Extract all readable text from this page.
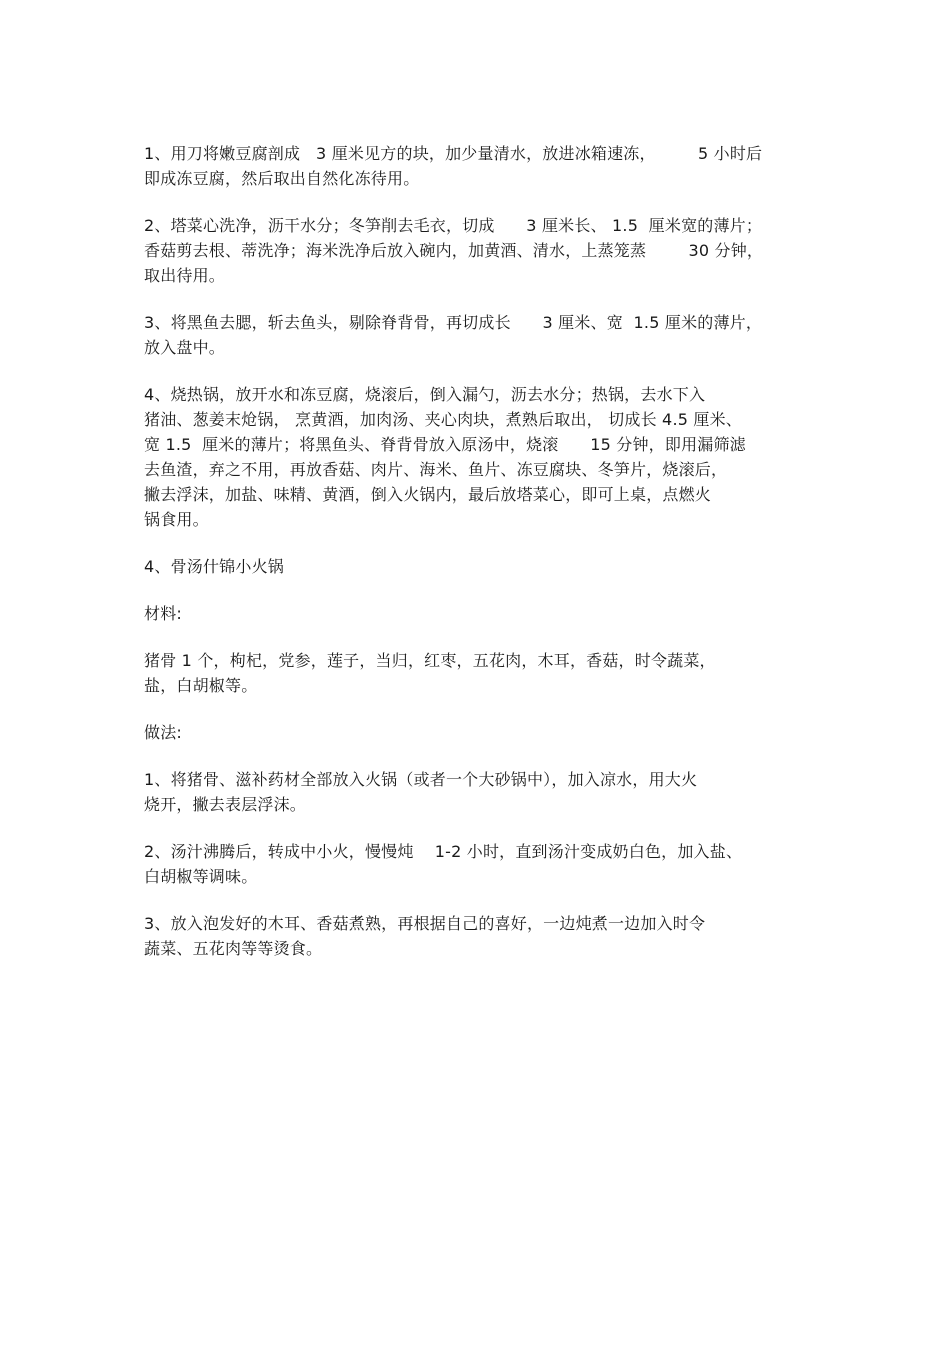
1、用刀将嫩豆腐剖成   3 厘米见方的块，加少量清水，放进冰箱速冻，        5 小时后
即成冻豆腐，然后取出自然化冻待用。
2、塔菜心洗净，沥干水分；冬笋削去毛衣，切成      3 厘米长、 1.5  厘米宽的薄片；
香菇剪去根、蒂洗净；海米洗净后放入碗内，加黄酒、清水，上蒸笼蒸        30 分钟，
取出待用。
3、将黑鱼去腮，斩去鱼头，剔除脊背骨，再切成长      3 厘米、宽  1.5 厘米的薄片，
放入盘中。
4、烧热锅，放开水和冻豆腐，烧滚后，倒入漏勺，沥去水分；热锅，去水下入
猪油、葱姜末炝锅， 烹黄酒，加肉汤、夹心肉块，煮熟后取出， 切成长 4.5 厘米、
宽 1.5  厘米的薄片；将黑鱼头、脊背骨放入原汤中，烧滚      15 分钟，即用漏筛滤
去鱼渣，弃之不用，再放香菇、肉片、海米、鱼片、冻豆腐块、冬笋片，烧滚后，
撇去浮沫，加盐、味精、黄酒，倒入火锅内，最后放塔菜心，即可上桌，点燃火
锅食用。
4、骨汤什锦小火锅
材料:
猪骨 1 个，枸杞，党参，莲子，当归，红枣，五花肉，木耳，香菇，时令蔬菜，
盐，白胡椒等。
做法:
1、将猪骨、滋补药材全部放入火锅（或者一个大砂锅中），加入凉水，用大火
烧开，撇去表层浮沫。
2、汤汁沸腾后，转成中小火，慢慢炖    1-2 小时，直到汤汁变成奶白色，加入盐、
白胡椒等调味。
3、放入泡发好的木耳、香菇煮熟，再根据自己的喜好，一边炖煮一边加入时令
蔬菜、五花肉等等烫食。
